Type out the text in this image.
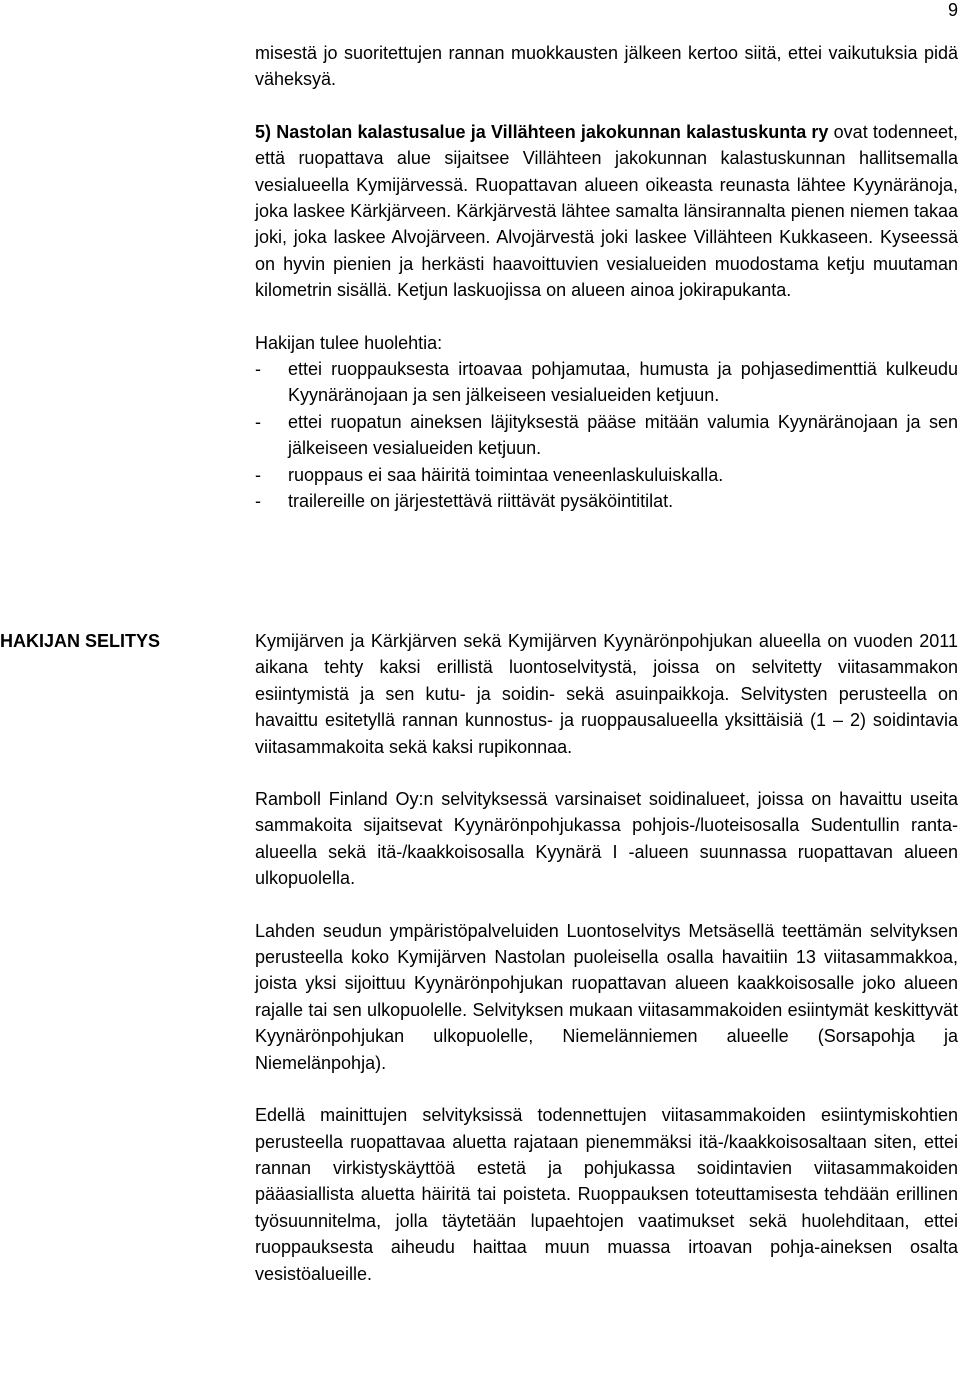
9

misestä jo suoritettujen rannan muokkausten jälkeen kertoo siitä, ettei vaikutuksia pidä väheksyä.

5) Nastolan kalastusalue ja Villähteen jakokunnan kalastuskunta ry ovat todenneet, että ruopattava alue sijaitsee Villähteen jakokunnan kalastuskunnan hallitsemalla vesialueella Kymijärvessä. Ruopattavan alueen oikeasta reunasta lähtee Kyynäränoja, joka laskee Kärkjärveen. Kärkjärvestä lähtee samalta länsirannalta pienen niemen takaa joki, joka laskee Alvojärveen. Alvojärvestä joki laskee Villähteen Kukkaseen. Kyseessä on hyvin pienien ja herkästi haavoittuvien vesialueiden muodostama ketju muutaman kilometrin sisällä. Ketjun laskuojissa on alueen ainoa jokirapukanta.

Hakijan tulee huolehtia:

- ettei ruoppauksesta irtoavaa pohjamutaa, humusta ja pohjasedimenttiä kulkeudu Kyynäränojaan ja sen jälkeiseen vesialueiden ketjuun.
- ettei ruopatun aineksen läjityksestä pääse mitään valumia Kyynäränojaan ja sen jälkeiseen vesialueiden ketjuun.
- ruoppaus ei saa häiritä toimintaa veneenlaskuluiskalla.
- trailereille on järjestettävä riittävät pysäköintitilat.
HAKIJAN SELITYS	Kymijärven ja Kärkjärven sekä Kymijärven Kyynärönpohjukan alueella on vuoden 2011 aikana tehty kaksi erillistä luontoselvitystä, joissa on selvitetty viitasammakon esiintymistä ja sen kutu- ja soidin- sekä asuinpaikkoja. Selvitysten perusteella on havaittu esitetyllä rannan kunnostus- ja ruoppausalueella yksittäisiä (1 – 2) soidintavia viitasammakoita sekä kaksi rupikonnaa.

Ramboll Finland Oy:n selvityksessä varsinaiset soidinalueet, joissa on havaittu useita sammakoita sijaitsevat Kyynärönpohjukassa pohjois-/luoteisosalla Sudentullin ranta-alueella sekä itä-/kaakkoisosalla Kyynärä I -alueen suunnassa ruopattavan alueen ulkopuolella.

Lahden seudun ympäristöpalveluiden Luontoselvitys Metsäsellä teettämän selvityksen perusteella koko Kymijärven Nastolan puoleisella osalla havaitiin 13 viitasammakkoa, joista yksi sijoittuu Kyynärönpohjukan ruopattavan alueen kaakkoisosalle joko alueen rajalle tai sen ulkopuolelle. Selvityksen mukaan viitasammakoiden esiintymät keskittyvät Kyynärönpohjukan ulkopuolelle, Niemelänniemen alueelle (Sorsapohja ja Niemelänpohja).

Edellä mainittujen selvityksissä todennettujen viitasammakoiden esiintymiskohtien perusteella ruopattavaa aluetta rajataan pienemmäksi itä-/kaakkoisosaltaan siten, ettei rannan virkistyskäyttöä estetä ja pohjukassa soidintavien viitasammakoiden pääasiallista aluetta häiritä tai poisteta. Ruoppauksen toteuttamisesta tehdään erillinen työsuunnitelma, jolla täytetään lupaehtojen vaatimukset sekä huolehditaan, ettei ruoppauksesta aiheudu haittaa muun muassa irtoavan pohja-aineksen osalta vesistöalueille.
